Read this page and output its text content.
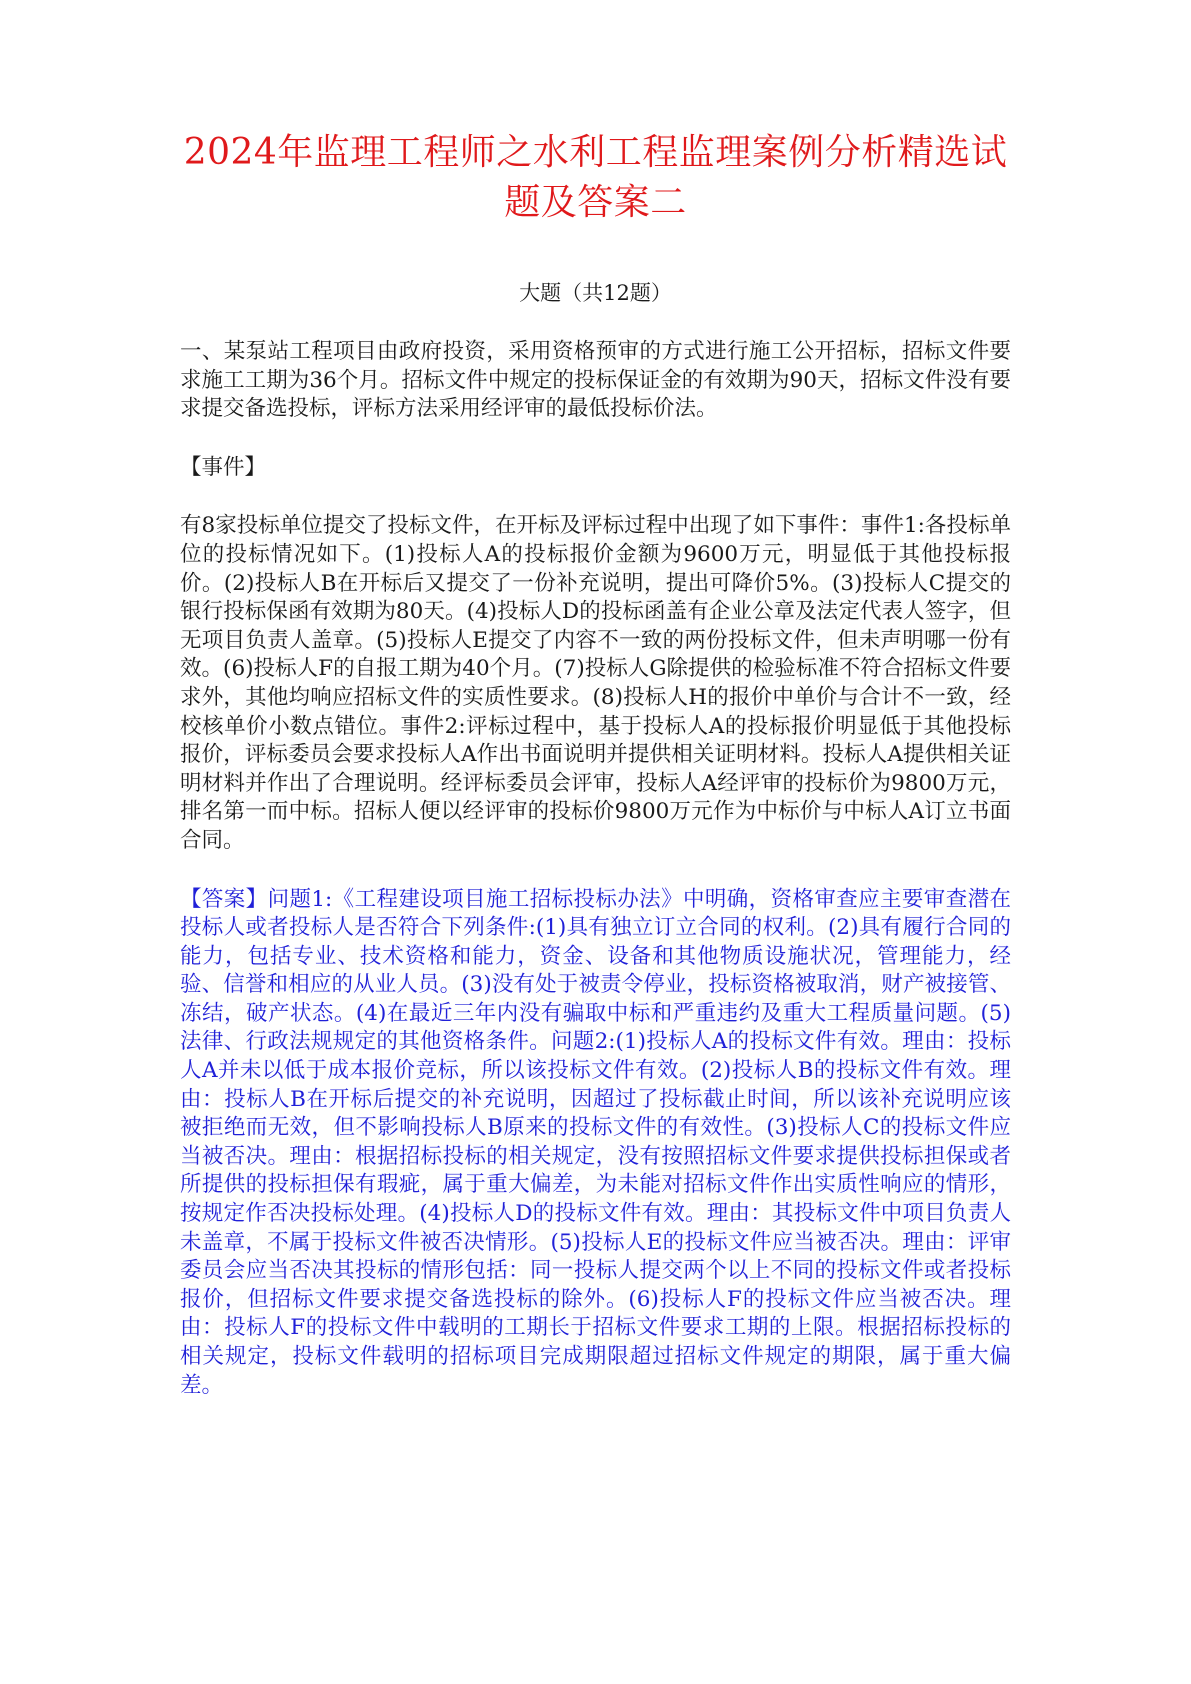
2024年监理工程师之水利工程监理案例分析精选试题及答案二
大题（共12题）

一、某泵站工程项目由政府投资，采用资格预审的方式进行施工公开招标，招标文件要求施工工期为36个月。招标文件中规定的投标保证金的有效期为90天，招标文件没有要求提交备选投标，评标方法采用经评审的最低投标价法。

【事件】

有8家投标单位提交了投标文件，在开标及评标过程中出现了如下事件：事件1:各投标单位的投标情况如下。(1)投标人A的投标报价金额为9600万元，明显低于其他投标报价。(2)投标人B在开标后又提交了一份补充说明，提出可降价5%。(3)投标人C提交的银行投标保函有效期为80天。(4)投标人D的投标函盖有企业公章及法定代表人签字，但无项目负责人盖章。(5)投标人E提交了内容不一致的两份投标文件，但未声明哪一份有效。(6)投标人F的自报工期为40个月。(7)投标人G除提供的检验标准不符合招标文件要求外，其他均响应招标文件的实质性要求。(8)投标人H的报价中单价与合计不一致，经校核单价小数点错位。事件2:评标过程中，基于投标人A的投标报价明显低于其他投标报价，评标委员会要求投标人A作出书面说明并提供相关证明材料。投标人A提供相关证明材料并作出了合理说明。经评标委员会评审，投标人A经评审的投标价为9800万元，排名第一而中标。招标人便以经评审的投标价9800万元作为中标价与中标人A订立书面合同。

【答案】问题1:《工程建设项目施工招标投标办法》中明确，资格审查应主要审查潜在投标人或者投标人是否符合下列条件:(1)具有独立订立合同的权利。(2)具有履行合同的能力，包括专业、技术资格和能力，资金、设备和其他物质设施状况，管理能力，经验、信誉和相应的从业人员。(3)没有处于被责令停业，投标资格被取消，财产被接管、冻结，破产状态。(4)在最近三年内没有骗取中标和严重违约及重大工程质量问题。(5)法律、行政法规规定的其他资格条件。问题2:(1)投标人A的投标文件有效。理由：投标人A并未以低于成本报价竞标，所以该投标文件有效。(2)投标人B的投标文件有效。理由：投标人B在开标后提交的补充说明，因超过了投标截止时间，所以该补充说明应该被拒绝而无效，但不影响投标人B原来的投标文件的有效性。(3)投标人C的投标文件应当被否决。理由：根据招标投标的相关规定，没有按照招标文件要求提供投标担保或者所提供的投标担保有瑕疵，属于重大偏差，为未能对招标文件作出实质性响应的情形，按规定作否决投标处理。(4)投标人D的投标文件有效。理由：其投标文件中项目负责人未盖章，不属于投标文件被否决情形。(5)投标人E的投标文件应当被否决。理由：评审委员会应当否决其投标的情形包括：同一投标人提交两个以上不同的投标文件或者投标报价，但招标文件要求提交备选投标的除外。(6)投标人F的投标文件应当被否决。理由：投标人F的投标文件中载明的工期长于招标文件要求工期的上限。根据招标投标的相关规定，投标文件载明的招标项目完成期限超过招标文件规定的期限，属于重大偏差。
